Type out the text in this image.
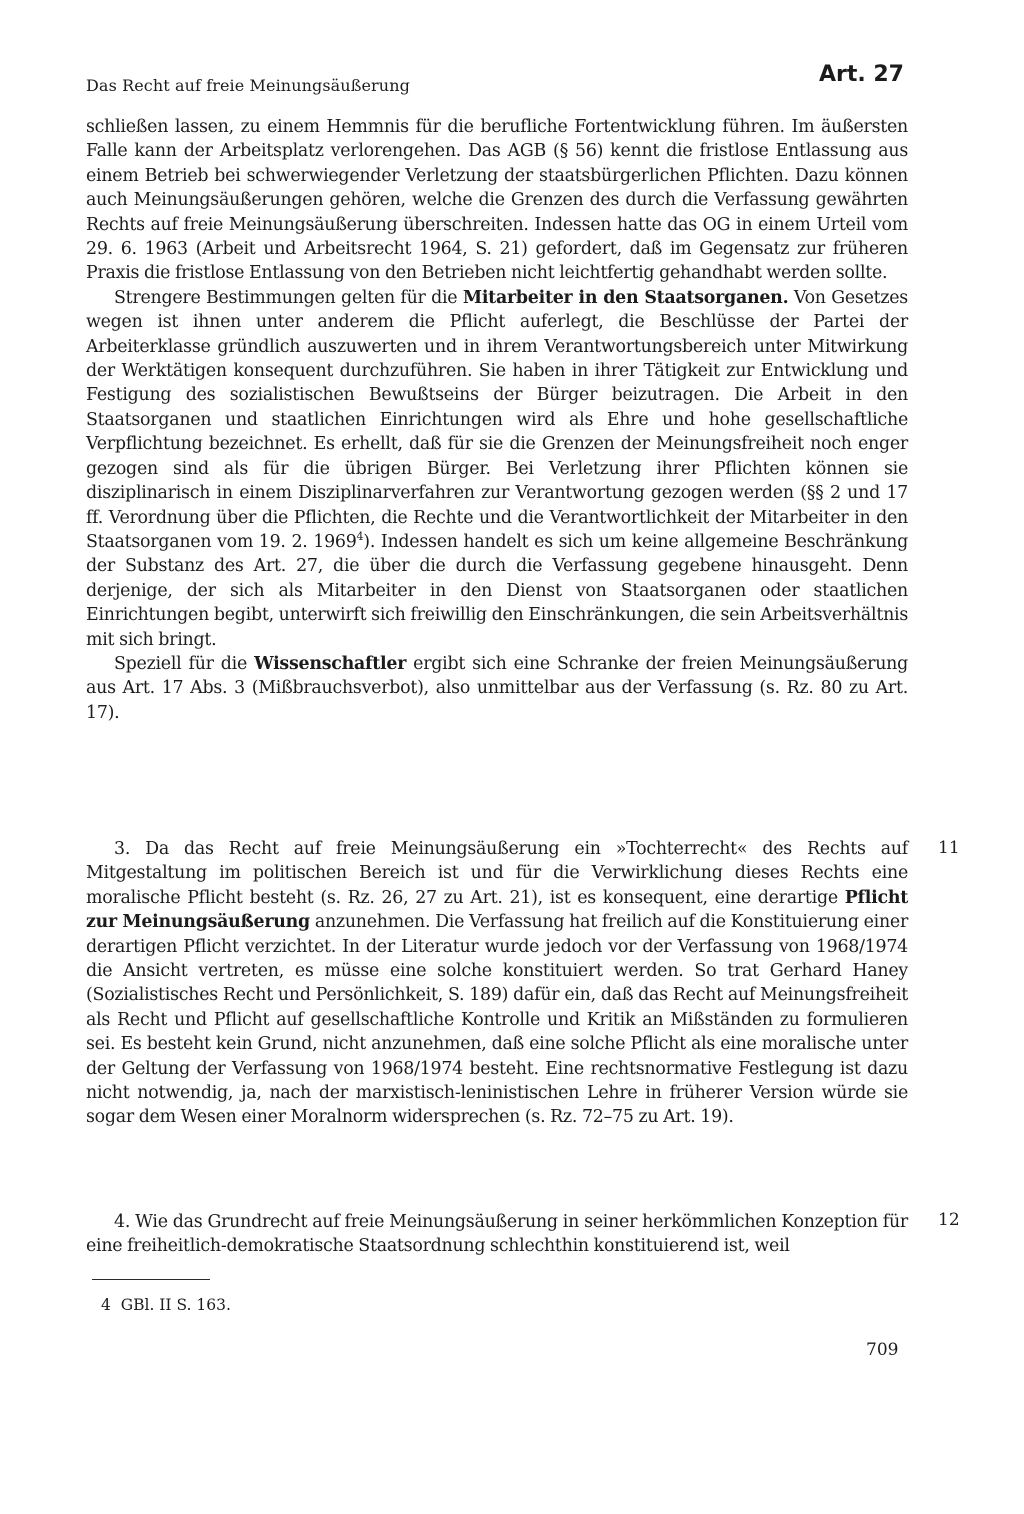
Das Recht auf freie Meinungsäußerung	Art. 27

schließen lassen, zu einem Hemmnis für die berufliche Fortentwicklung führen. Im äußersten Falle kann der Arbeitsplatz verlorengehen. Das AGB (§ 56) kennt die fristlose Entlassung aus einem Betrieb bei schwerwiegender Verletzung der staatsbürgerlichen Pflichten. Dazu können auch Meinungsäußerungen gehören, welche die Grenzen des durch die Verfassung gewährten Rechts auf freie Meinungsäußerung überschreiten. Indessen hatte das OG in einem Urteil vom 29. 6. 1963 (Arbeit und Arbeitsrecht 1964, S. 21) gefordert, daß im Gegensatz zur früheren Praxis die fristlose Entlassung von den Betrieben nicht leichtfertig gehandhabt werden sollte.

Strengere Bestimmungen gelten für die Mitarbeiter in den Staatsorganen. Von Gesetzes wegen ist ihnen unter anderem die Pflicht auferlegt, die Beschlüsse der Partei der Arbeiterklasse gründlich auszuwerten und in ihrem Verantwortungsbereich unter Mitwirkung der Werktätigen konsequent durchzuführen. Sie haben in ihrer Tätigkeit zur Entwicklung und Festigung des sozialistischen Bewußtseins der Bürger beizutragen. Die Arbeit in den Staatsorganen und staatlichen Einrichtungen wird als Ehre und hohe gesellschaftliche Verpflichtung bezeichnet. Es erhellt, daß für sie die Grenzen der Meinungsfreiheit noch enger gezogen sind als für die übrigen Bürger. Bei Verletzung ihrer Pflichten können sie disziplinarisch in einem Disziplinarverfahren zur Verantwortung gezogen werden (§§ 2 und 17 ff. Verordnung über die Pflichten, die Rechte und die Verantwortlichkeit der Mitarbeiter in den Staatsorganen vom 19. 2. 1969$^4$). Indessen handelt es sich um keine allgemeine Beschränkung der Substanz des Art. 27, die über die durch die Verfassung gegebene hinausgeht. Denn derjenige, der sich als Mitarbeiter in den Dienst von Staatsorganen oder staatlichen Einrichtungen begibt, unterwirft sich freiwillig den Einschränkungen, die sein Arbeitsverhältnis mit sich bringt.

Speziell für die Wissenschaftler ergibt sich eine Schranke der freien Meinungsäußerung aus Art. 17 Abs. 3 (Mißbrauchsverbot), also unmittelbar aus der Verfassung (s. Rz. 80 zu Art. 17).

11

3. Da das Recht auf freie Meinungsäußerung ein »Tochterrecht« des Rechts auf Mitgestaltung im politischen Bereich ist und für die Verwirklichung dieses Rechts eine moralische Pflicht besteht (s. Rz. 26, 27 zu Art. 21), ist es konsequent, eine derartige Pflicht zur Meinungsäußerung anzunehmen. Die Verfassung hat freilich auf die Konstituierung einer derartigen Pflicht verzichtet. In der Literatur wurde jedoch vor der Verfassung von 1968/1974 die Ansicht vertreten, es müsse eine solche konstituiert werden. So trat Gerhard Haney (Sozialistisches Recht und Persönlichkeit, S. 189) dafür ein, daß das Recht auf Meinungsfreiheit als Recht und Pflicht auf gesellschaftliche Kontrolle und Kritik an Mißständen zu formulieren sei. Es besteht kein Grund, nicht anzunehmen, daß eine solche Pflicht als eine moralische unter der Geltung der Verfassung von 1968/1974 besteht. Eine rechtsnormative Festlegung ist dazu nicht notwendig, ja, nach der marxistisch-leninistischen Lehre in früherer Version würde sie sogar dem Wesen einer Moralnorm widersprechen (s. Rz. 72–75 zu Art. 19).

12

4. Wie das Grundrecht auf freie Meinungsäußerung in seiner herkömmlichen Konzeption für eine freiheitlich-demokratische Staatsordnung schlechthin konstituierend ist, weil

4  GBl. II S. 163.
709
